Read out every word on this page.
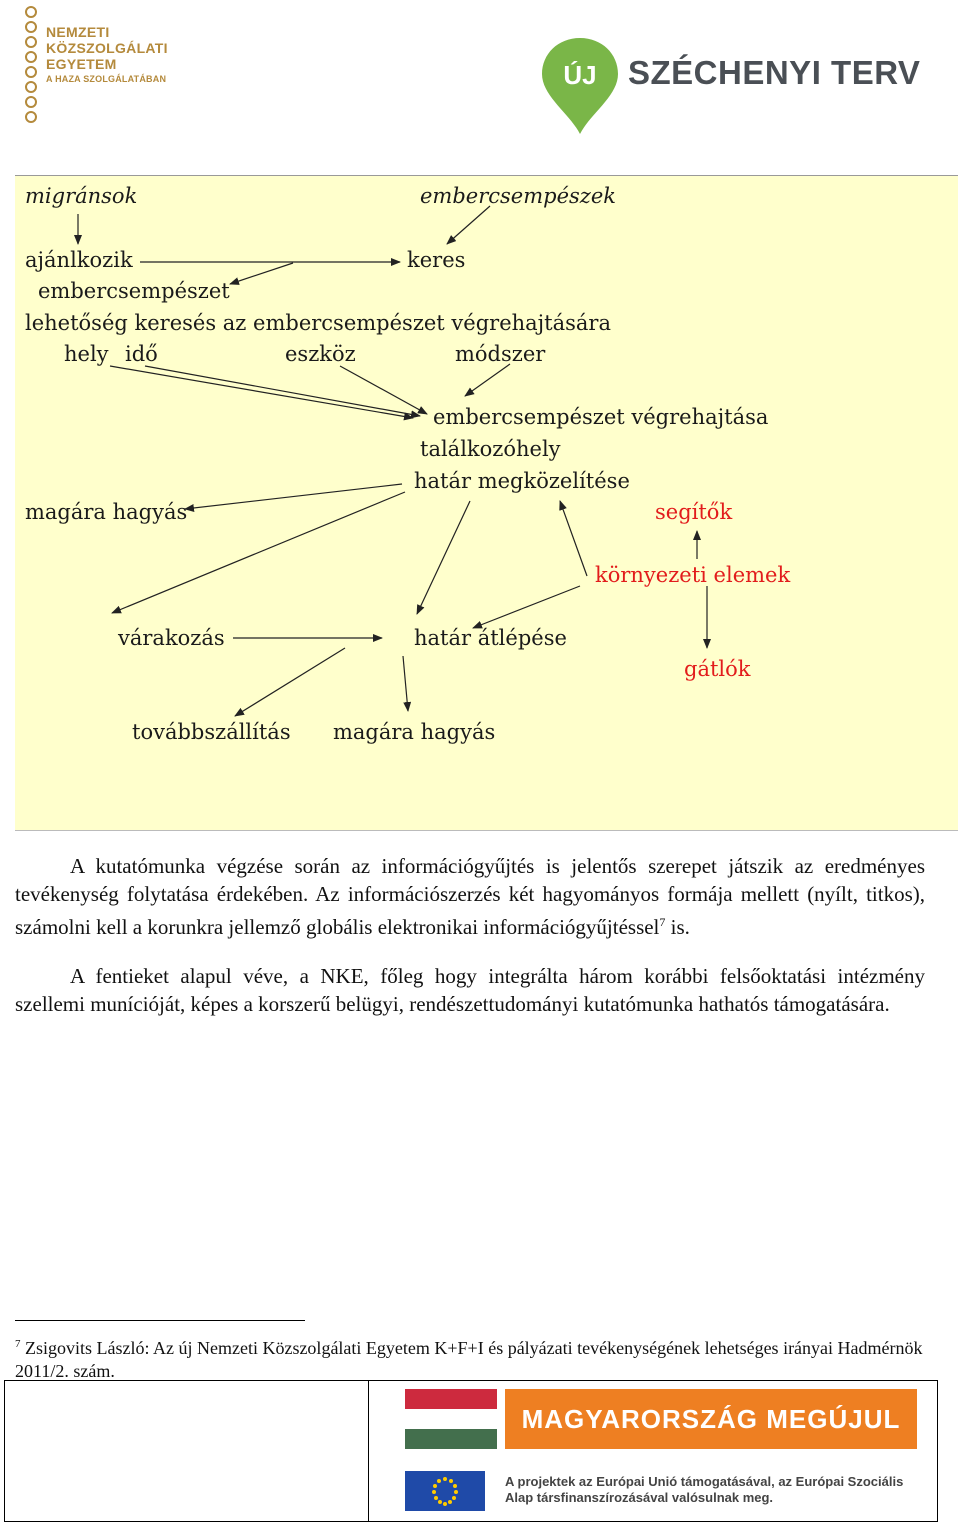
NEMZETI
KÖZSZOLGÁLATI
EGYETEM
A HAZA SZOLGÁLATÁBAN	ÚJ SZÉCHENYI TERV
migránsok	embercsempészek
ajánlkozik	keres
embercsempészet
lehetőség keresés az embercsempészet végrehajtására
hely idő	eszköz	módszer
embercsempészet végrehajtása
találkozóhely
határ megközelítése
magára hagyás	segítők
környezeti elemek
várakozás	határ átlépése
gátlók
továbbszállítás magára hagyás
A kutatómunka végzése során az információgyűjtés is jelentős szerepet játszik az eredményes tevékenység folytatása érdekében. Az információszerzés két hagyományos formája mellett (nyílt, titkos), számolni kell a korunkra jellemző globális elektronikai információgyűjtéssel$^7$ is.
A fentieket alapul véve, a NKE, főleg hogy integrálta három korábbi felsőoktatási intézmény szellemi munícióját, képes a korszerű belügyi, rendészettudományi kutatómunka hathatós támogatására.
$^7$ Zsigovits László: Az új Nemzeti Közszolgálati Egyetem K+F+I és pályázati tevékenységének lehetséges irányai Hadmérnök 2011/2. szám.
MAGYARORSZÁG MEGÚJUL
A projektek az Európai Unió támogatásával, az Európai Szociális Alap társfinanszírozásával valósulnak meg.
